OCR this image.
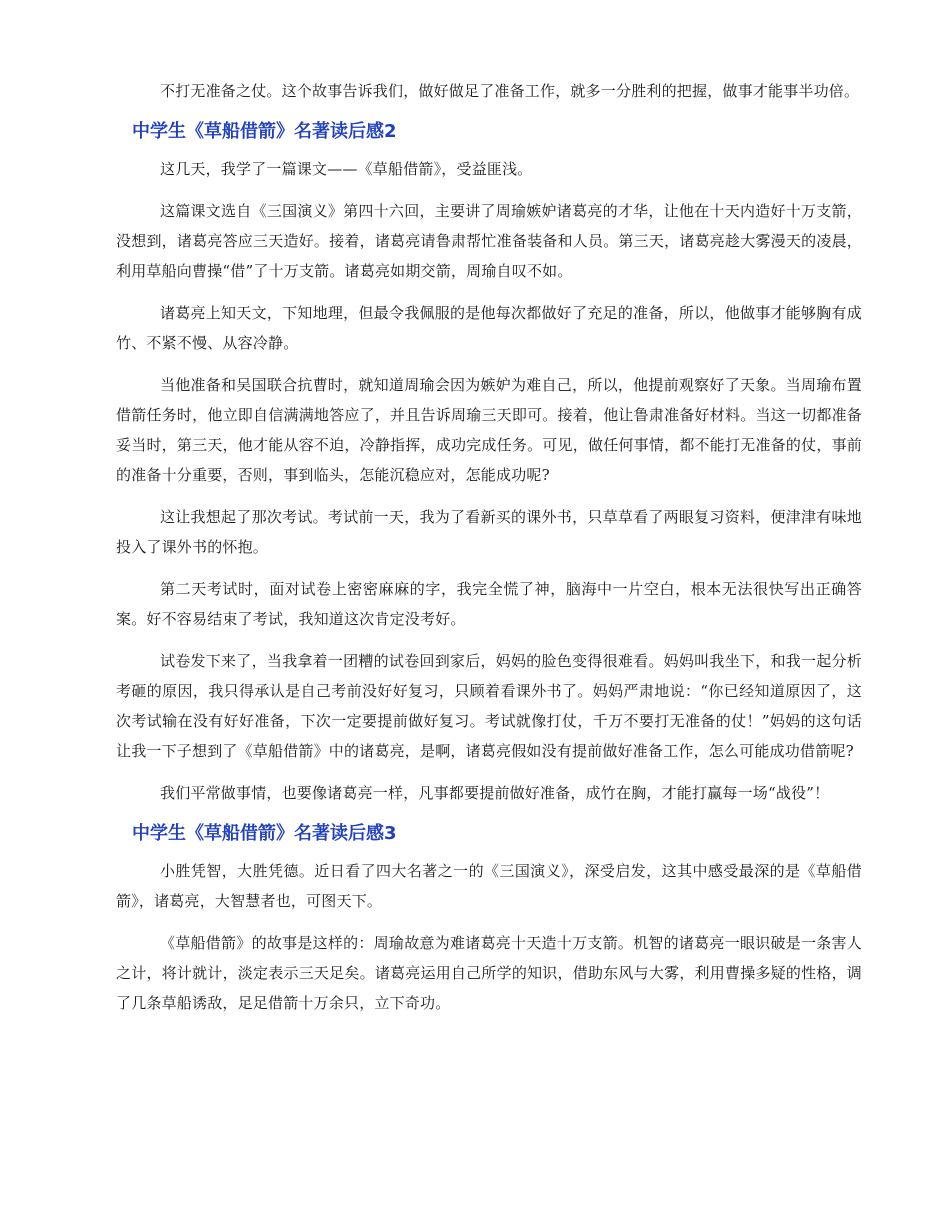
不打无准备之仗。这个故事告诉我们，做好做足了准备工作，就多一分胜利的把握，做事才能事半功倍。

中学生《草船借箭》名著读后感2

这几天，我学了一篇课文——《草船借箭》，受益匪浅。

这篇课文选自《三国演义》第四十六回，主要讲了周瑜嫉妒诸葛亮的才华，让他在十天内造好十万支箭，没想到，诸葛亮答应三天造好。接着，诸葛亮请鲁肃帮忙准备装备和人员。第三天，诸葛亮趁大雾漫天的凌晨，利用草船向曹操“借”了十万支箭。诸葛亮如期交箭，周瑜自叹不如。

诸葛亮上知天文，下知地理，但最令我佩服的是他每次都做好了充足的准备，所以，他做事才能够胸有成竹、不紧不慢、从容冷静。

当他准备和吴国联合抗曹时，就知道周瑜会因为嫉妒为难自己，所以，他提前观察好了天象。当周瑜布置借箭任务时，他立即自信满满地答应了，并且告诉周瑜三天即可。接着，他让鲁肃准备好材料。当这一切都准备妥当时，第三天，他才能从容不迫，冷静指挥，成功完成任务。可见，做任何事情，都不能打无准备的仗，事前的准备十分重要，否则，事到临头，怎能沉稳应对，怎能成功呢?

这让我想起了那次考试。考试前一天，我为了看新买的课外书，只草草看了两眼复习资料，便津津有味地投入了课外书的怀抱。

第二天考试时，面对试卷上密密麻麻的字，我完全慌了神，脑海中一片空白，根本无法很快写出正确答案。好不容易结束了考试，我知道这次肯定没考好。

试卷发下来了，当我拿着一团糟的试卷回到家后，妈妈的脸色变得很难看。妈妈叫我坐下，和我一起分析考砸的原因，我只得承认是自己考前没好好复习，只顾着看课外书了。妈妈严肃地说：“你已经知道原因了，这次考试输在没有好好准备，下次一定要提前做好复习。考试就像打仗，千万不要打无准备的仗！”妈妈的这句话让我一下子想到了《草船借箭》中的诸葛亮，是啊，诸葛亮假如没有提前做好准备工作，怎么可能成功借箭呢?

我们平常做事情，也要像诸葛亮一样，凡事都要提前做好准备，成竹在胸，才能打赢每一场“战役”！

中学生《草船借箭》名著读后感3

小胜凭智，大胜凭德。近日看了四大名著之一的《三国演义》，深受启发，这其中感受最深的是《草船借箭》，诸葛亮，大智慧者也，可图天下。

《草船借箭》的故事是这样的：周瑜故意为难诸葛亮十天造十万支箭。机智的诸葛亮一眼识破是一条害人之计，将计就计，淡定表示三天足矣。诸葛亮运用自己所学的知识，借助东风与大雾，利用曹操多疑的性格，调了几条草船诱敌，足足借箭十万余只，立下奇功。
